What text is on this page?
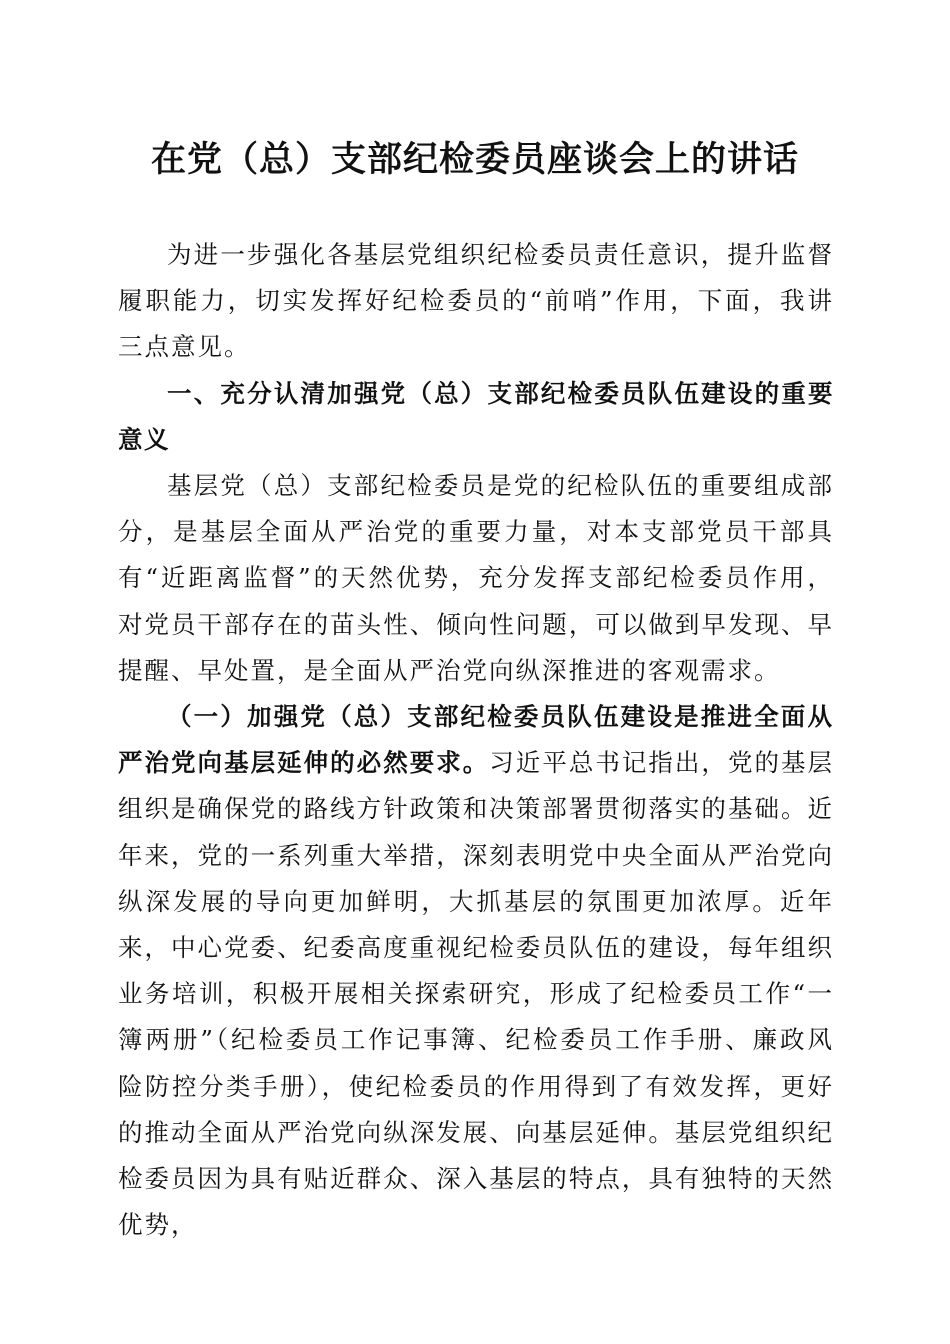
在党（总）支部纪检委员座谈会上的讲话

为进一步强化各基层党组织纪检委员责任意识，提升监督履职能力，切实发挥好纪检委员的“前哨”作用，下面，我讲三点意见。

一、充分认清加强党（总）支部纪检委员队伍建设的重要意义

基层党（总）支部纪检委员是党的纪检队伍的重要组成部分，是基层全面从严治党的重要力量，对本支部党员干部具有“近距离监督”的天然优势，充分发挥支部纪检委员作用，对党员干部存在的苗头性、倾向性问题，可以做到早发现、早提醒、早处置，是全面从严治党向纵深推进的客观需求。

（一）加强党（总）支部纪检委员队伍建设是推进全面从严治党向基层延伸的必然要求。习近平总书记指出，党的基层组织是确保党的路线方针政策和决策部署贯彻落实的基础。近年来，党的一系列重大举措，深刻表明党中央全面从严治党向纵深发展的导向更加鲜明，大抓基层的氛围更加浓厚。近年来，中心党委、纪委高度重视纪检委员队伍的建设，每年组织业务培训，积极开展相关探索研究，形成了纪检委员工作“一簿两册”（纪检委员工作记事簿、纪检委员工作手册、廉政风险防控分类手册），使纪检委员的作用得到了有效发挥，更好的推动全面从严治党向纵深发展、向基层延伸。基层党组织纪检委员因为具有贴近群众、深入基层的特点，具有独特的天然优势，
